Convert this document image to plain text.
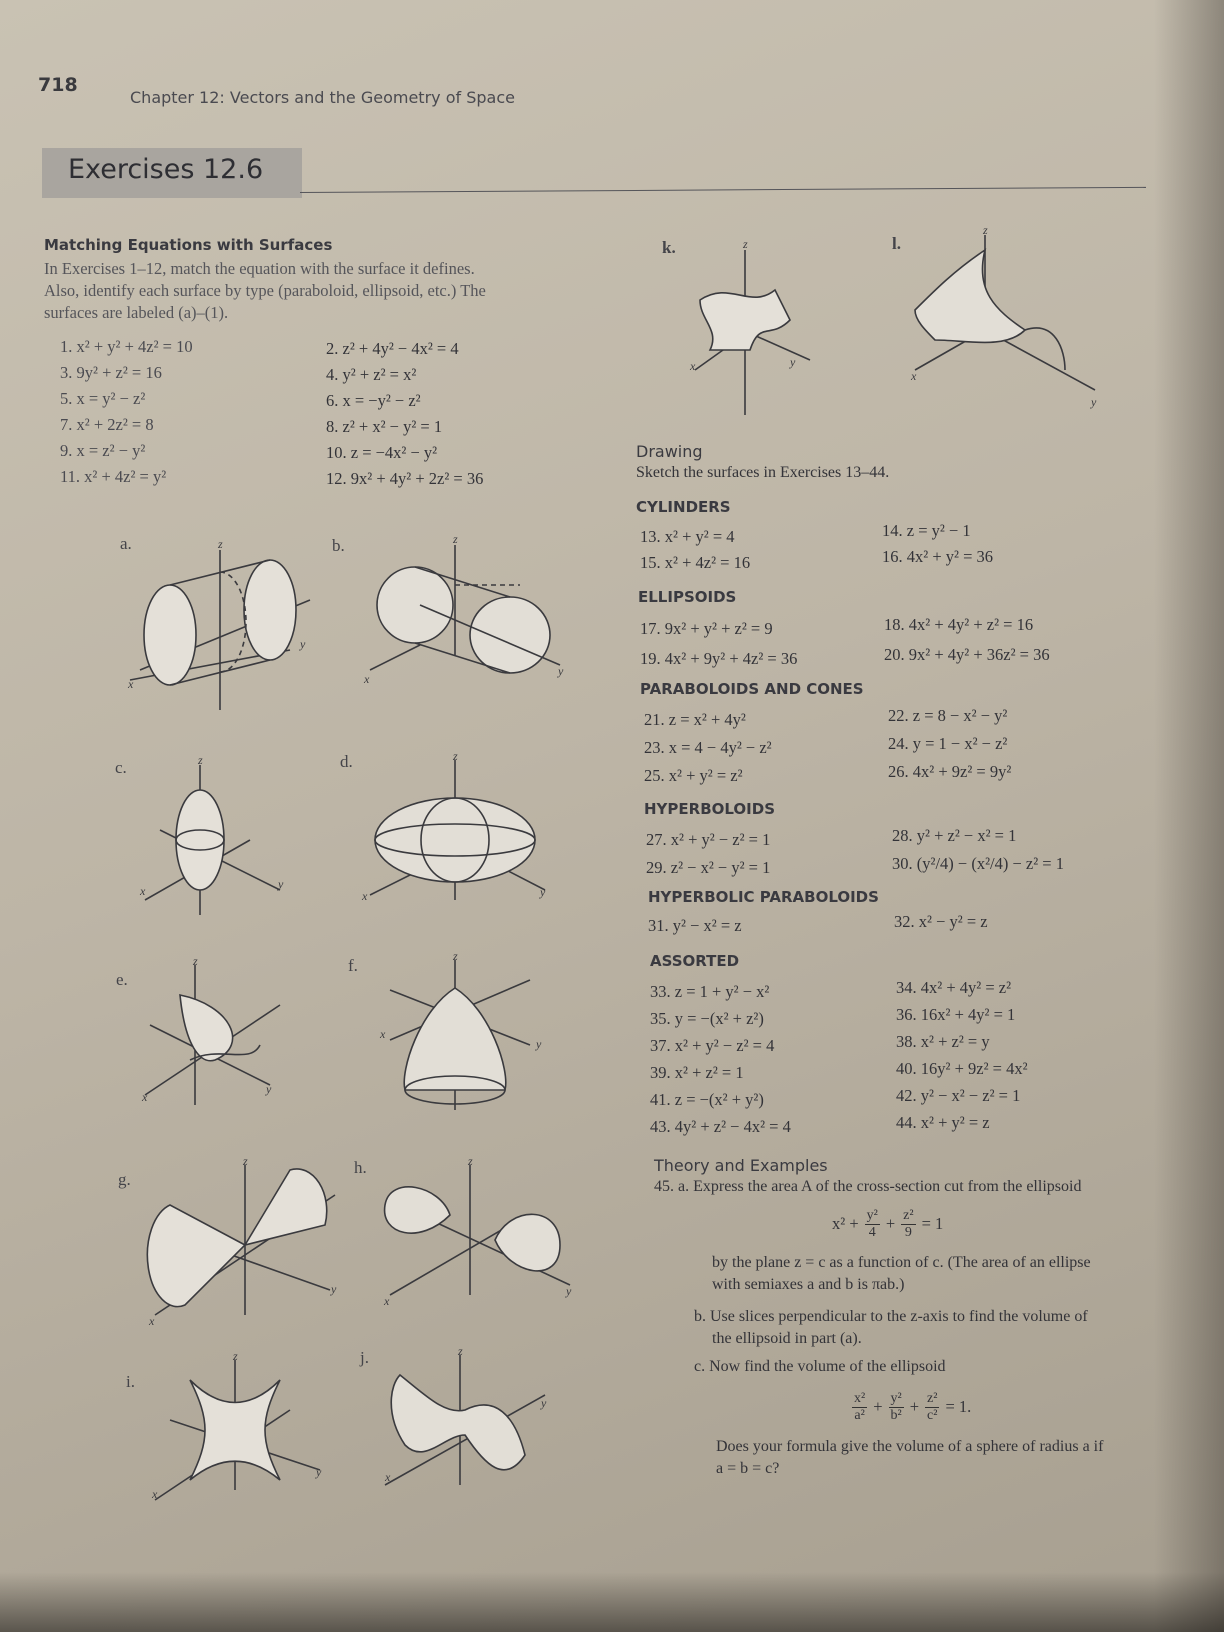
718
Chapter 12: Vectors and the Geometry of Space
Exercises 12.6
Matching Equations with Surfaces
In Exercises 1–12, match the equation with the surface it defines.
Also, identify each surface by type (paraboloid, ellipsoid, etc.) The
surfaces are labeled (a)–(1).
1. x² + y² + 4z² = 10
3. 9y² + z² = 16
5. x = y² − z²
7. x² + 2z² = 8
9. x = z² − y²
11. x² + 4z² = y²
2. z² + 4y² − 4x² = 4
4. y² + z² = x²
6. x = −y² − z²
8. z² + x² − y² = 1
10. z = −4x² − y²
12. 9x² + 4y² + 2z² = 36
a.	b.
c.	d.
e.
f.
g.
h.
i.
j.
k.	l.
z
x
y
z
x
y
z
x	y
z
x	y
z
x
y
z
x
y
z
x
y
z
x
y
z
x
y
z
x
y
z
x	y
z
x
y
Drawing
Sketch the surfaces in Exercises 13–44.
CYLINDERS
13. x² + y² = 4
15. x² + 4z² = 16
14. z = y² − 1
16. 4x² + y² = 36
ELLIPSOIDS
17. 9x² + y² + z² = 9
19. 4x² + 9y² + 4z² = 36
18. 4x² + 4y² + z² = 16
20. 9x² + 4y² + 36z² = 36
PARABOLOIDS AND CONES
21. z = x² + 4y²
23. x = 4 − 4y² − z²
25. x² + y² = z²
22. z = 8 − x² − y²
24. y = 1 − x² − z²
26. 4x² + 9z² = 9y²
HYPERBOLOIDS
27. x² + y² − z² = 1
29. z² − x² − y² = 1
28. y² + z² − x² = 1
30. (y²/4) − (x²/4) − z² = 1
HYPERBOLIC PARABOLOIDS
31. y² − x² = z	32. x² − y² = z
ASSORTED
33. z = 1 + y² − x²
35. y = −(x² + z²)
37. x² + y² − z² = 4
39. x² + z² = 1
41. z = −(x² + y²)
43. 4y² + z² − 4x² = 4
34. 4x² + 4y² = z²
36. 16x² + 4y² = 1
38. x² + z² = y
40. 16y² + 9z² = 4x²
42. y² − x² − z² = 1
44. x² + y² = z
Theory and Examples
45. a. Express the area A of the cross-section cut from the ellipsoid
$x^2 + \frac{\text{y²}}{4} + \frac{\text{z²}}{9} = 1$
by the plane z = c as a function of c. (The area of an ellipse
with semiaxes a and b is πab.)
b. Use slices perpendicular to the z-axis to find the volume of
the ellipsoid in part (a).
c. Now find the volume of the ellipsoid
$\frac{\text{x²}}{\text{a²}} + \frac{\text{y²}}{\text{b²}} + \frac{\text{z²}}{\text{c²}} = 1$.
Does your formula give the volume of a sphere of radius a if
a = b = c?
